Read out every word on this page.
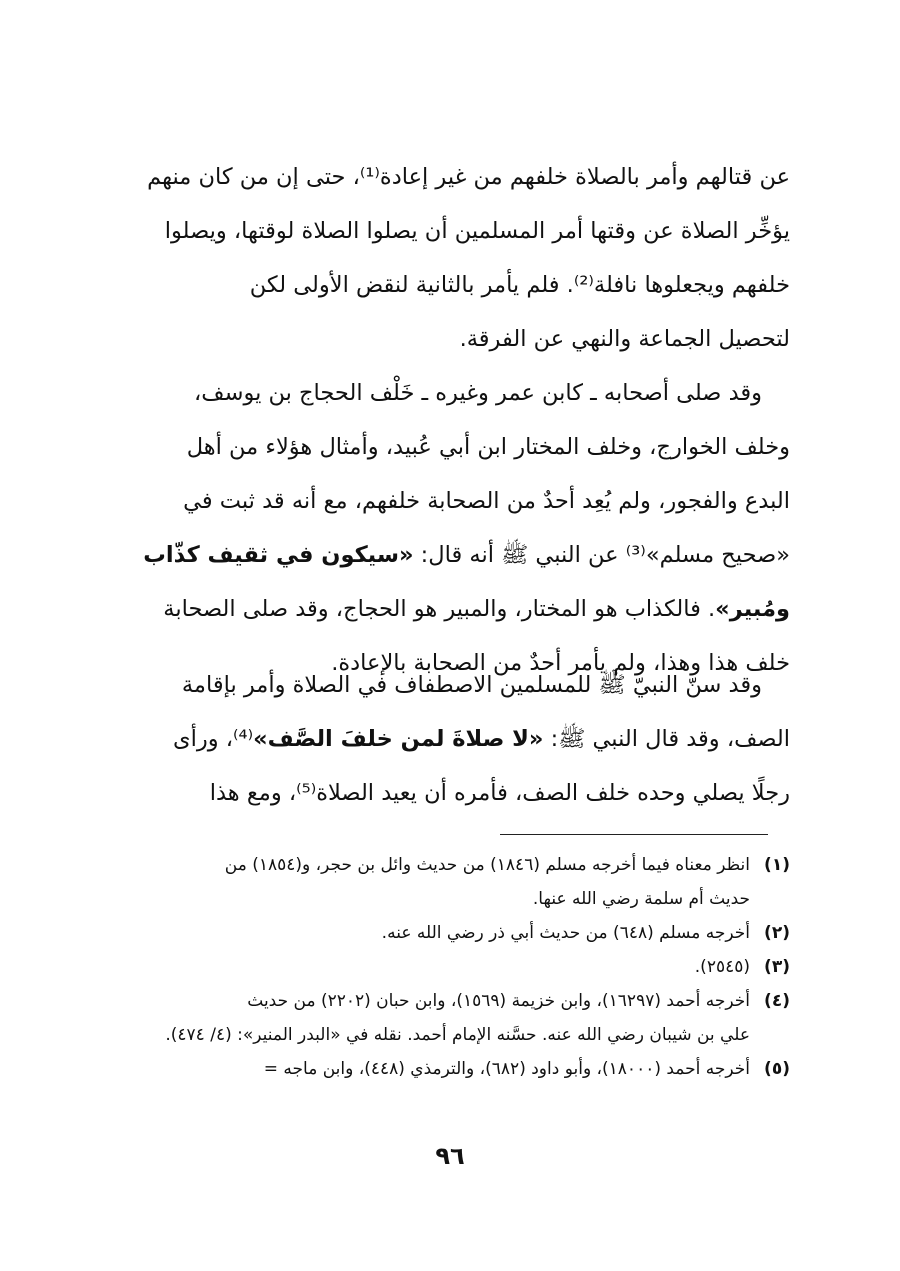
عن قتالهم وأمر بالصلاة خلفهم من غير إعادة⁽¹⁾، حتى إن من كان منهم
يؤخِّر الصلاة عن وقتها أمر المسلمين أن يصلوا الصلاة لوقتها، ويصلوا
خلفهم ويجعلوها نافلة⁽²⁾. فلم يأمر بالثانية لنقض الأولى لكن
لتحصيل الجماعة والنهي عن الفرقة.
وقد صلى أصحابه ـ كابن عمر وغيره ـ خَلْف الحجاج بن يوسف،
وخلف الخوارج، وخلف المختار ابن أبي عُبيد، وأمثال هؤلاء من أهل
البدع والفجور، ولم يُعِد أحدٌ من الصحابة خلفهم، مع أنه قد ثبت في
«صحيح مسلم»⁽³⁾ عن النبي ﷺ أنه قال: «سيكون في ثقيف كذّاب
ومُبير». فالكذاب هو المختار، والمبير هو الحجاج، وقد صلى الصحابة
خلف هذا وهذا، ولم يأمر أحدٌ من الصحابة بالإعادة.
وقد سنّ النبيّ ﷺ للمسلمين الاصطفاف في الصلاة وأمر بإقامة
الصف، وقد قال النبي ﷺ: «لا صلاةَ لمن خلفَ الصَّف»⁽⁴⁾، ورأى
رجلًا يصلي وحده خلف الصف، فأمره أن يعيد الصلاة⁽⁵⁾، ومع هذا
(١)
انظر معناه فيما أخرجه مسلم (١٨٤٦) من حديث وائل بن حجر، و(١٨٥٤) من
حديث أم سلمة رضي الله عنها.
(٢)
أخرجه مسلم (٦٤٨) من حديث أبي ذر رضي الله عنه.
(٣)
(٢٥٤٥).
(٤)
أخرجه أحمد (١٦٢٩٧)، وابن خزيمة (١٥٦٩)، وابن حبان (٢٢٠٢) من حديث
علي بن شيبان رضي الله عنه. حسَّنه الإمام أحمد. نقله في «البدر المنير»: (٤/ ٤٧٤).
(٥)
أخرجه أحمد (١٨٠٠٠)، وأبو داود (٦٨٢)، والترمذي (٤٤٨)، وابن ماجه =
٩٦
